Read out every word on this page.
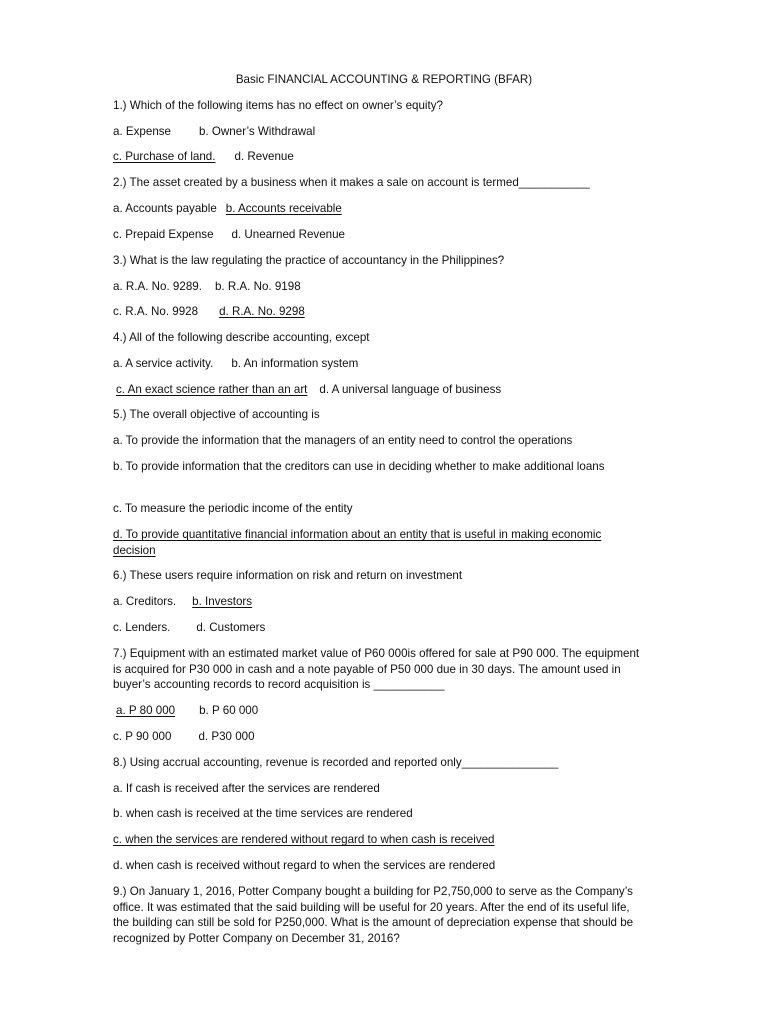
Basic FINANCIAL ACCOUNTING & REPORTING (BFAR)
1.) Which of the following items has no effect on owner’s equity?
a. Expense b. Owner’s Withdrawal
c. Purchase of land. d. Revenue
2.) The asset created by a business when it makes a sale on account is termed___________
a. Accounts payable b. Accounts receivable
c. Prepaid Expense d. Unearned Revenue
3.) What is the law regulating the practice of accountancy in the Philippines?
a. R.A. No. 9289. b. R.A. No. 9198
c. R.A. No. 9928 d. R.A. No. 9298
4.) All of the following describe accounting, except
a. A service activity. b. An information system
c. An exact science rather than an art d. A universal language of business
5.) The overall objective of accounting is
a. To provide the information that the managers of an entity need to control the operations
b. To provide information that the creditors can use in deciding whether to make additional loans
c. To measure the periodic income of the entity
d. To provide quantitative financial information about an entity that is useful in making economic decision
6.) These users require information on risk and return on investment
a. Creditors. b. Investors
c. Lenders. d. Customers
7.) Equipment with an estimated market value of P60 000is offered for sale at P90 000. The equipment is acquired for P30 000 in cash and a note payable of P50 000 due in 30 days. The amount used in buyer’s accounting records to record acquisition is ___________
a. P 80 000 b. P 60 000
c. P 90 000 d. P30 000
8.) Using accrual accounting, revenue is recorded and reported only_______________
a. If cash is received after the services are rendered
b. when cash is received at the time services are rendered
c. when the services are rendered without regard to when cash is received
d. when cash is received without regard to when the services are rendered
9.) On January 1, 2016, Potter Company bought a building for P2,750,000 to serve as the Company’s office. It was estimated that the said building will be useful for 20 years. After the end of its useful life, the building can still be sold for P250,000. What is the amount of depreciation expense that should be recognized by Potter Company on December 31, 2016?
